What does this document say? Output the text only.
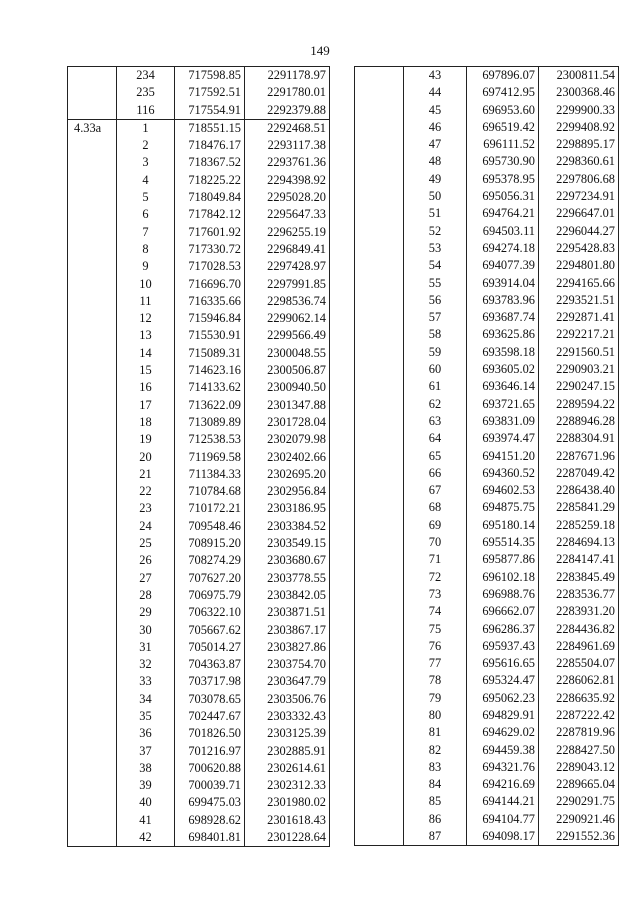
149
	234	717598.85	2291178.97
	235	717592.51	2291780.01
	116	717554.91	2292379.88
4.33a	1	718551.15	2292468.51
	2	718476.17	2293117.38
	3	718367.52	2293761.36
	4	718225.22	2294398.92
	5	718049.84	2295028.20
	6	717842.12	2295647.33
	7	717601.92	2296255.19
	8	717330.72	2296849.41
	9	717028.53	2297428.97
	10	716696.70	2297991.85
	11	716335.66	2298536.74
	12	715946.84	2299062.14
	13	715530.91	2299566.49
	14	715089.31	2300048.55
	15	714623.16	2300506.87
	16	714133.62	2300940.50
	17	713622.09	2301347.88
	18	713089.89	2301728.04
	19	712538.53	2302079.98
	20	711969.58	2302402.66
	21	711384.33	2302695.20
	22	710784.68	2302956.84
	23	710172.21	2303186.95
	24	709548.46	2303384.52
	25	708915.20	2303549.15
	26	708274.29	2303680.67
	27	707627.20	2303778.55
	28	706975.79	2303842.05
	29	706322.10	2303871.51
	30	705667.62	2303867.17
	31	705014.27	2303827.86
	32	704363.87	2303754.70
	33	703717.98	2303647.79
	34	703078.65	2303506.76
	35	702447.67	2303332.43
	36	701826.50	2303125.39
	37	701216.97	2302885.91
	38	700620.88	2302614.61
	39	700039.71	2302312.33
	40	699475.03	2301980.02
	41	698928.62	2301618.43
	42	698401.81	2301228.64
	43	697896.07	2300811.54
	44	697412.95	2300368.46
	45	696953.60	2299900.33
	46	696519.42	2299408.92
	47	696111.52	2298895.17
	48	695730.90	2298360.61
	49	695378.95	2297806.68
	50	695056.31	2297234.91
	51	694764.21	2296647.01
	52	694503.11	2296044.27
	53	694274.18	2295428.83
	54	694077.39	2294801.80
	55	693914.04	2294165.66
	56	693783.96	2293521.51
	57	693687.74	2292871.41
	58	693625.86	2292217.21
	59	693598.18	2291560.51
	60	693605.02	2290903.21
	61	693646.14	2290247.15
	62	693721.65	2289594.22
	63	693831.09	2288946.28
	64	693974.47	2288304.91
	65	694151.20	2287671.96
	66	694360.52	2287049.42
	67	694602.53	2286438.40
	68	694875.75	2285841.29
	69	695180.14	2285259.18
	70	695514.35	2284694.13
	71	695877.86	2284147.41
	72	696102.18	2283845.49
	73	696988.76	2283536.77
	74	696662.07	2283931.20
	75	696286.37	2284436.82
	76	695937.43	2284961.69
	77	695616.65	2285504.07
	78	695324.47	2286062.81
	79	695062.23	2286635.92
	80	694829.91	2287222.42
	81	694629.02	2287819.96
	82	694459.38	2288427.50
	83	694321.76	2289043.12
	84	694216.69	2289665.04
	85	694144.21	2290291.75
	86	694104.77	2290921.46
	87	694098.17	2291552.36
